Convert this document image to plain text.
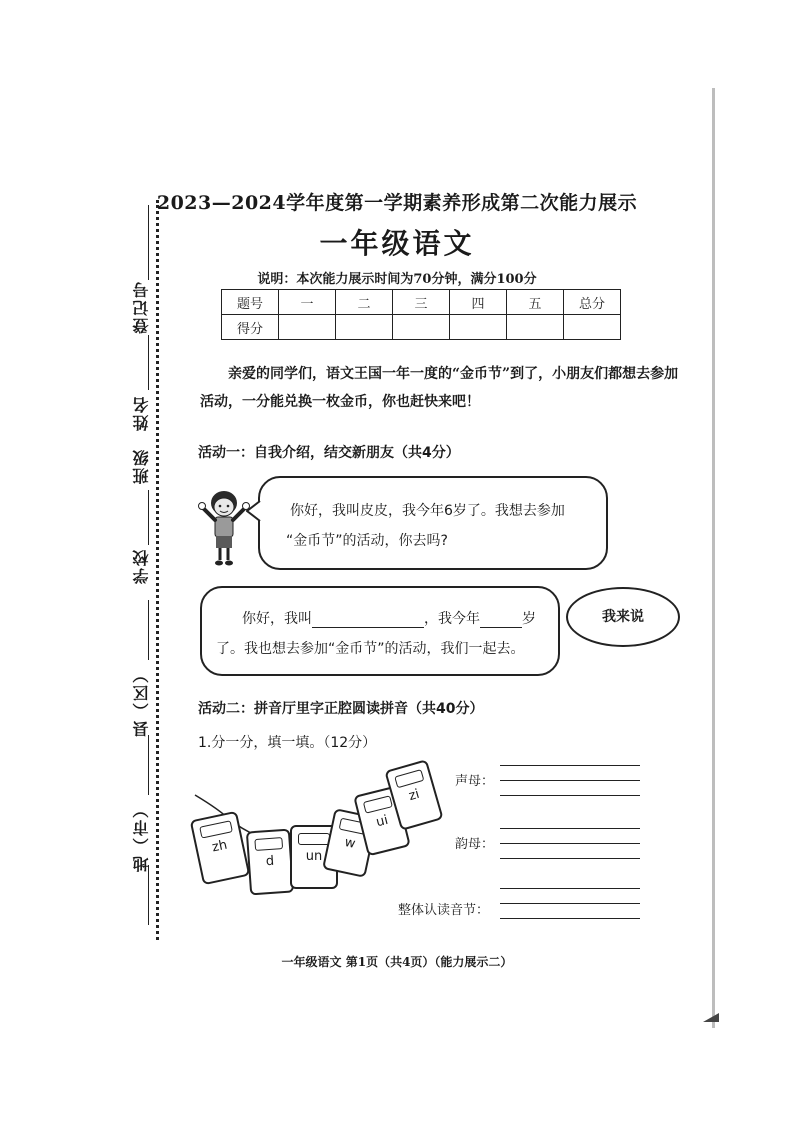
登记号
姓名
班级
学校
县（区）
地（市）
2023—2024学年度第一学期素养形成第二次能力展示
一年级语文
说明：本次能力展示时间为70分钟，满分100分
题号	一	二	三	四	五	总分
得分						
亲爱的同学们，语文王国一年一度的“金币节”到了，小朋友们都想去参加活动，一分能兑换一枚金币，你也赶快来吧！
活动一：自我介绍，结交新朋友（共4分）
你好，我叫皮皮，我今年6岁了。我想去参加
“金币节”的活动，你去吗?
你好，我叫	，我今年	岁
了。我也想去参加“金币节”的活动，我们一起去。
我来说
活动二：拼音厅里字正腔圆读拼音（共40分）
1.分一分，填一填。（12分）
zh
d	un
w
ui
zi
声母：
韵母：
整体认读音节：
一年级语文 第1页（共4页）（能力展示二）
